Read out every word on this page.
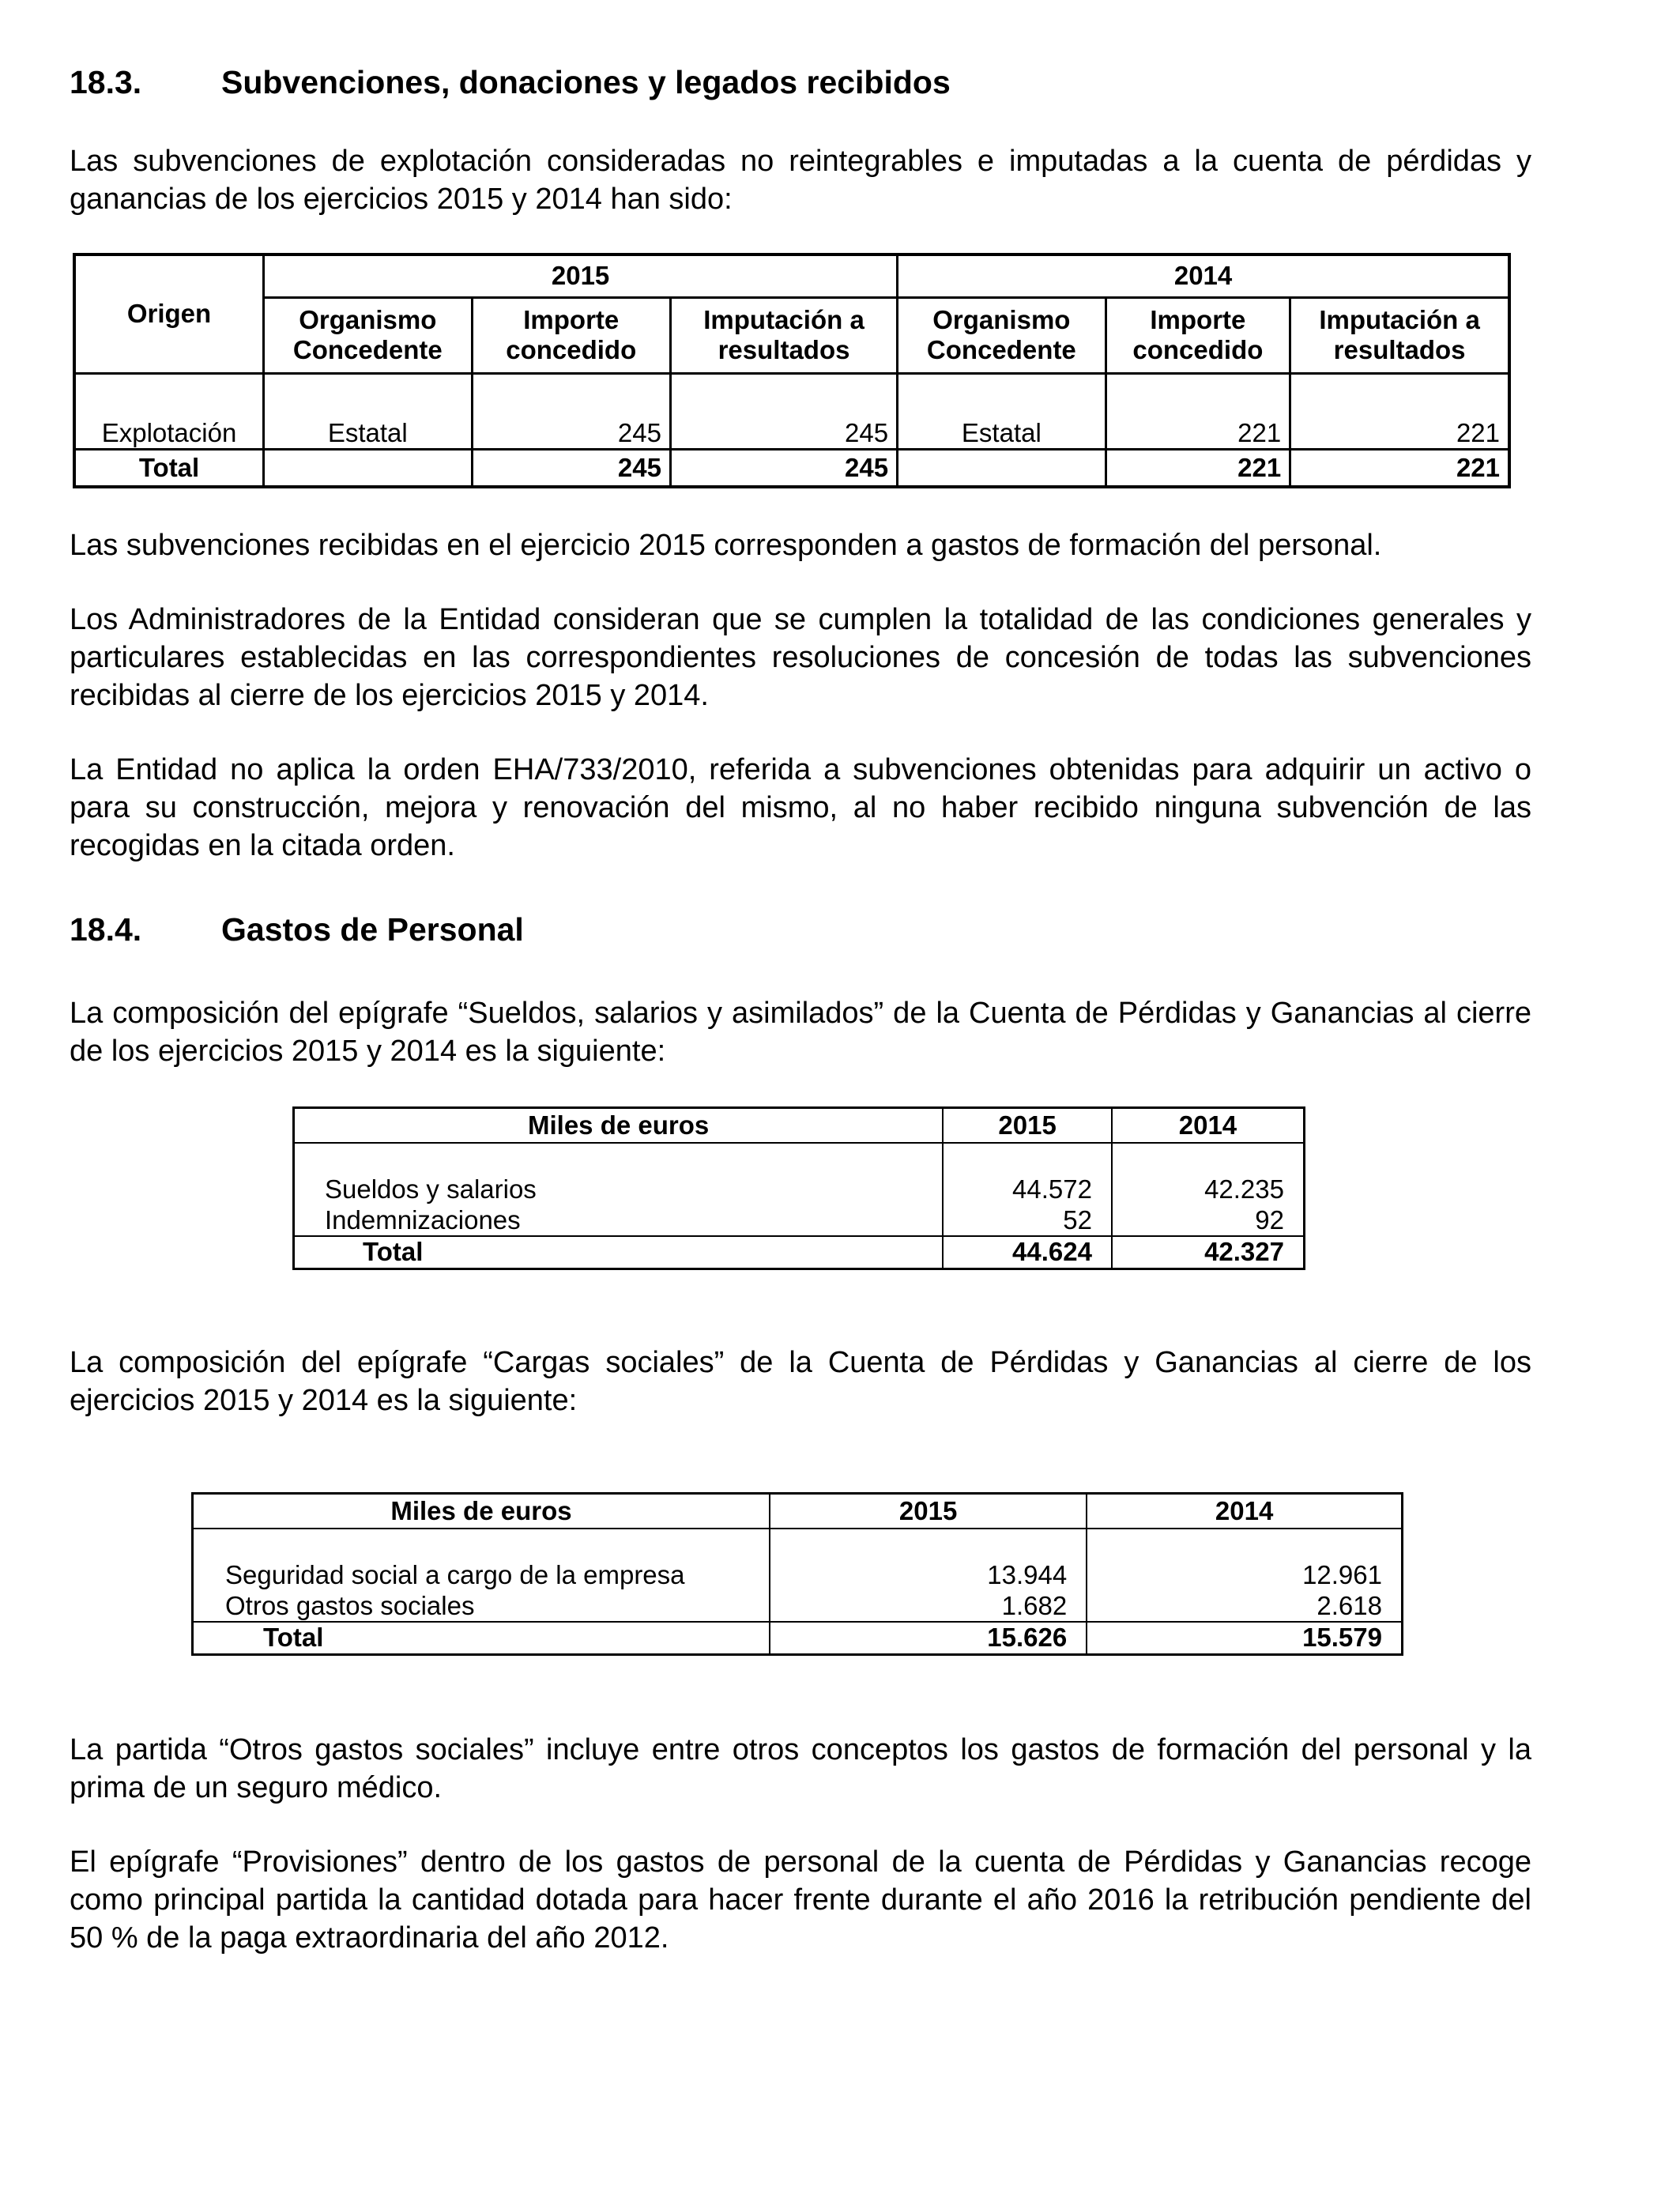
18.3. Subvenciones, donaciones y legados recibidos

Las subvenciones de explotación consideradas no reintegrables e imputadas a la cuenta de pérdidas y ganancias de los ejercicios 2015 y 2014 han sido:

Origen	2015			2014		
	Organismo Concedente	Importe concedido	Imputación a resultados	Organismo Concedente	Importe concedido	Imputación a resultados
Explotación	Estatal	245	245	Estatal	221	221
Total		245	245		221	221

Las subvenciones recibidas en el ejercicio 2015 corresponden a gastos de formación del personal.

Los Administradores de la Entidad consideran que se cumplen la totalidad de las condiciones generales y particulares establecidas en las correspondientes resoluciones de concesión de todas las subvenciones recibidas al cierre de los ejercicios 2015 y 2014.

La Entidad no aplica la orden EHA/733/2010, referida a subvenciones obtenidas para adquirir un activo o para su construcción, mejora y renovación del mismo, al no haber recibido ninguna subvención de las recogidas en la citada orden.

18.4. Gastos de Personal

La composición del epígrafe “Sueldos, salarios y asimilados” de la Cuenta de Pérdidas y Ganancias al cierre de los ejercicios 2015 y 2014 es la siguiente:

Miles de euros	2015	2014
Sueldos y salarios	44.572	42.235
Indemnizaciones	52	92
Total	44.624	42.327

La composición del epígrafe “Cargas sociales” de la Cuenta de Pérdidas y Ganancias al cierre de los ejercicios 2015 y 2014 es la siguiente:

Miles de euros	2015	2014
Seguridad social a cargo de la empresa	13.944	12.961
Otros gastos sociales	1.682	2.618
Total	15.626	15.579

La partida “Otros gastos sociales” incluye entre otros conceptos los gastos de formación del personal y la prima de un seguro médico.

El epígrafe “Provisiones” dentro de los gastos de personal de la cuenta de Pérdidas y Ganancias recoge como principal partida la cantidad dotada para hacer frente durante el año 2016 la retribución pendiente del 50 % de la paga extraordinaria del año 2012.
